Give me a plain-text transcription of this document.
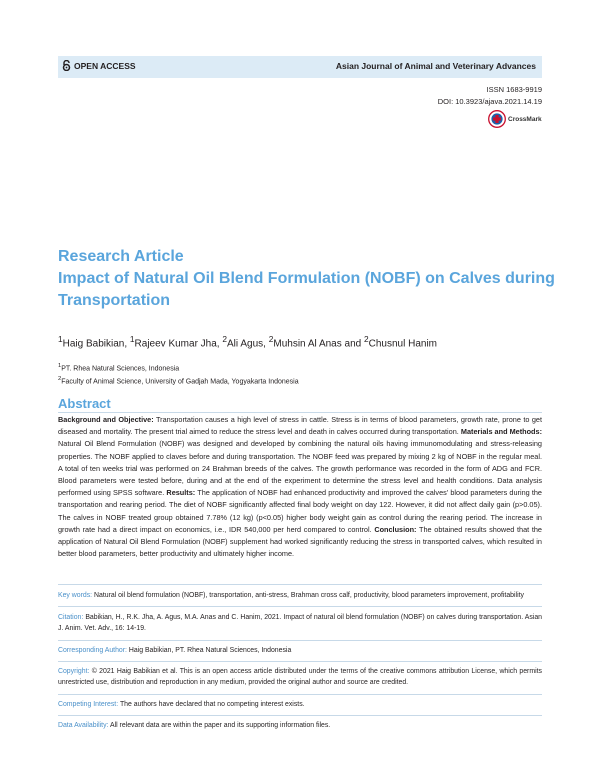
OPEN ACCESS	Asian Journal of Animal and Veterinary Advances
ISSN 1683-9919
DOI: 10.3923/ajava.2021.14.19
CrossMark
Research Article
Impact of Natural Oil Blend Formulation (NOBF) on Calves during Transportation
$^1$Haig Babikian, $^1$Rajeev Kumar Jha, $^2$Ali Agus, $^2$Muhsin Al Anas and $^2$Chusnul Hanim
$^1$PT. Rhea Natural Sciences, Indonesia
$^2$Faculty of Animal Science, University of Gadjah Mada, Yogyakarta Indonesia
Abstract
Background and Objective: Transportation causes a high level of stress in cattle. Stress is in terms of blood parameters, growth rate, prone to get diseased and mortality. The present trial aimed to reduce the stress level and death in calves occurred during transportation. Materials and Methods: Natural Oil Blend Formulation (NOBF) was designed and developed by combining the natural oils having immunomodulating and stress-releasing properties. The NOBF applied to claves before and during transportation. The NOBF feed was prepared by mixing 2 kg of NOBF in the regular meal. A total of ten weeks trial was performed on 24 Brahman breeds of the calves. The growth performance was recorded in the form of ADG and FCR. Blood parameters were tested before, during and at the end of the experiment to determine the stress level and health conditions. Data analysis performed using SPSS software. Results: The application of NOBF had enhanced productivity and improved the calves' blood parameters during the transportation and rearing period. The diet of NOBF significantly affected final body weight on day 122. However, it did not affect daily gain (p>0.05). The calves in NOBF treated group obtained 7.78% (12 kg) (p<0.05) higher body weight gain as control during the rearing period. The increase in growth rate had a direct impact on economics, i.e., IDR 540,000 per herd compared to control. Conclusion: The obtained results showed that the application of Natural Oil Blend Formulation (NOBF) supplement had worked significantly reducing the stress in transported calves, which resulted in better blood parameters, better productivity and ultimately higher income.
Key words: Natural oil blend formulation (NOBF), transportation, anti-stress, Brahman cross calf, productivity, blood parameters improvement, profitability
Citation: Babikian, H., R.K. Jha, A. Agus, M.A. Anas and C. Hanim, 2021. Impact of natural oil blend formulation (NOBF) on calves during transportation. Asian J. Anim. Vet. Adv., 16: 14-19.
Corresponding Author: Haig Babikian, PT. Rhea Natural Sciences, Indonesia
Copyright: © 2021 Haig Babikian et al. This is an open access article distributed under the terms of the creative commons attribution License, which permits unrestricted use, distribution and reproduction in any medium, provided the original author and source are credited.
Competing Interest: The authors have declared that no competing interest exists.
Data Availability: All relevant data are within the paper and its supporting information files.
